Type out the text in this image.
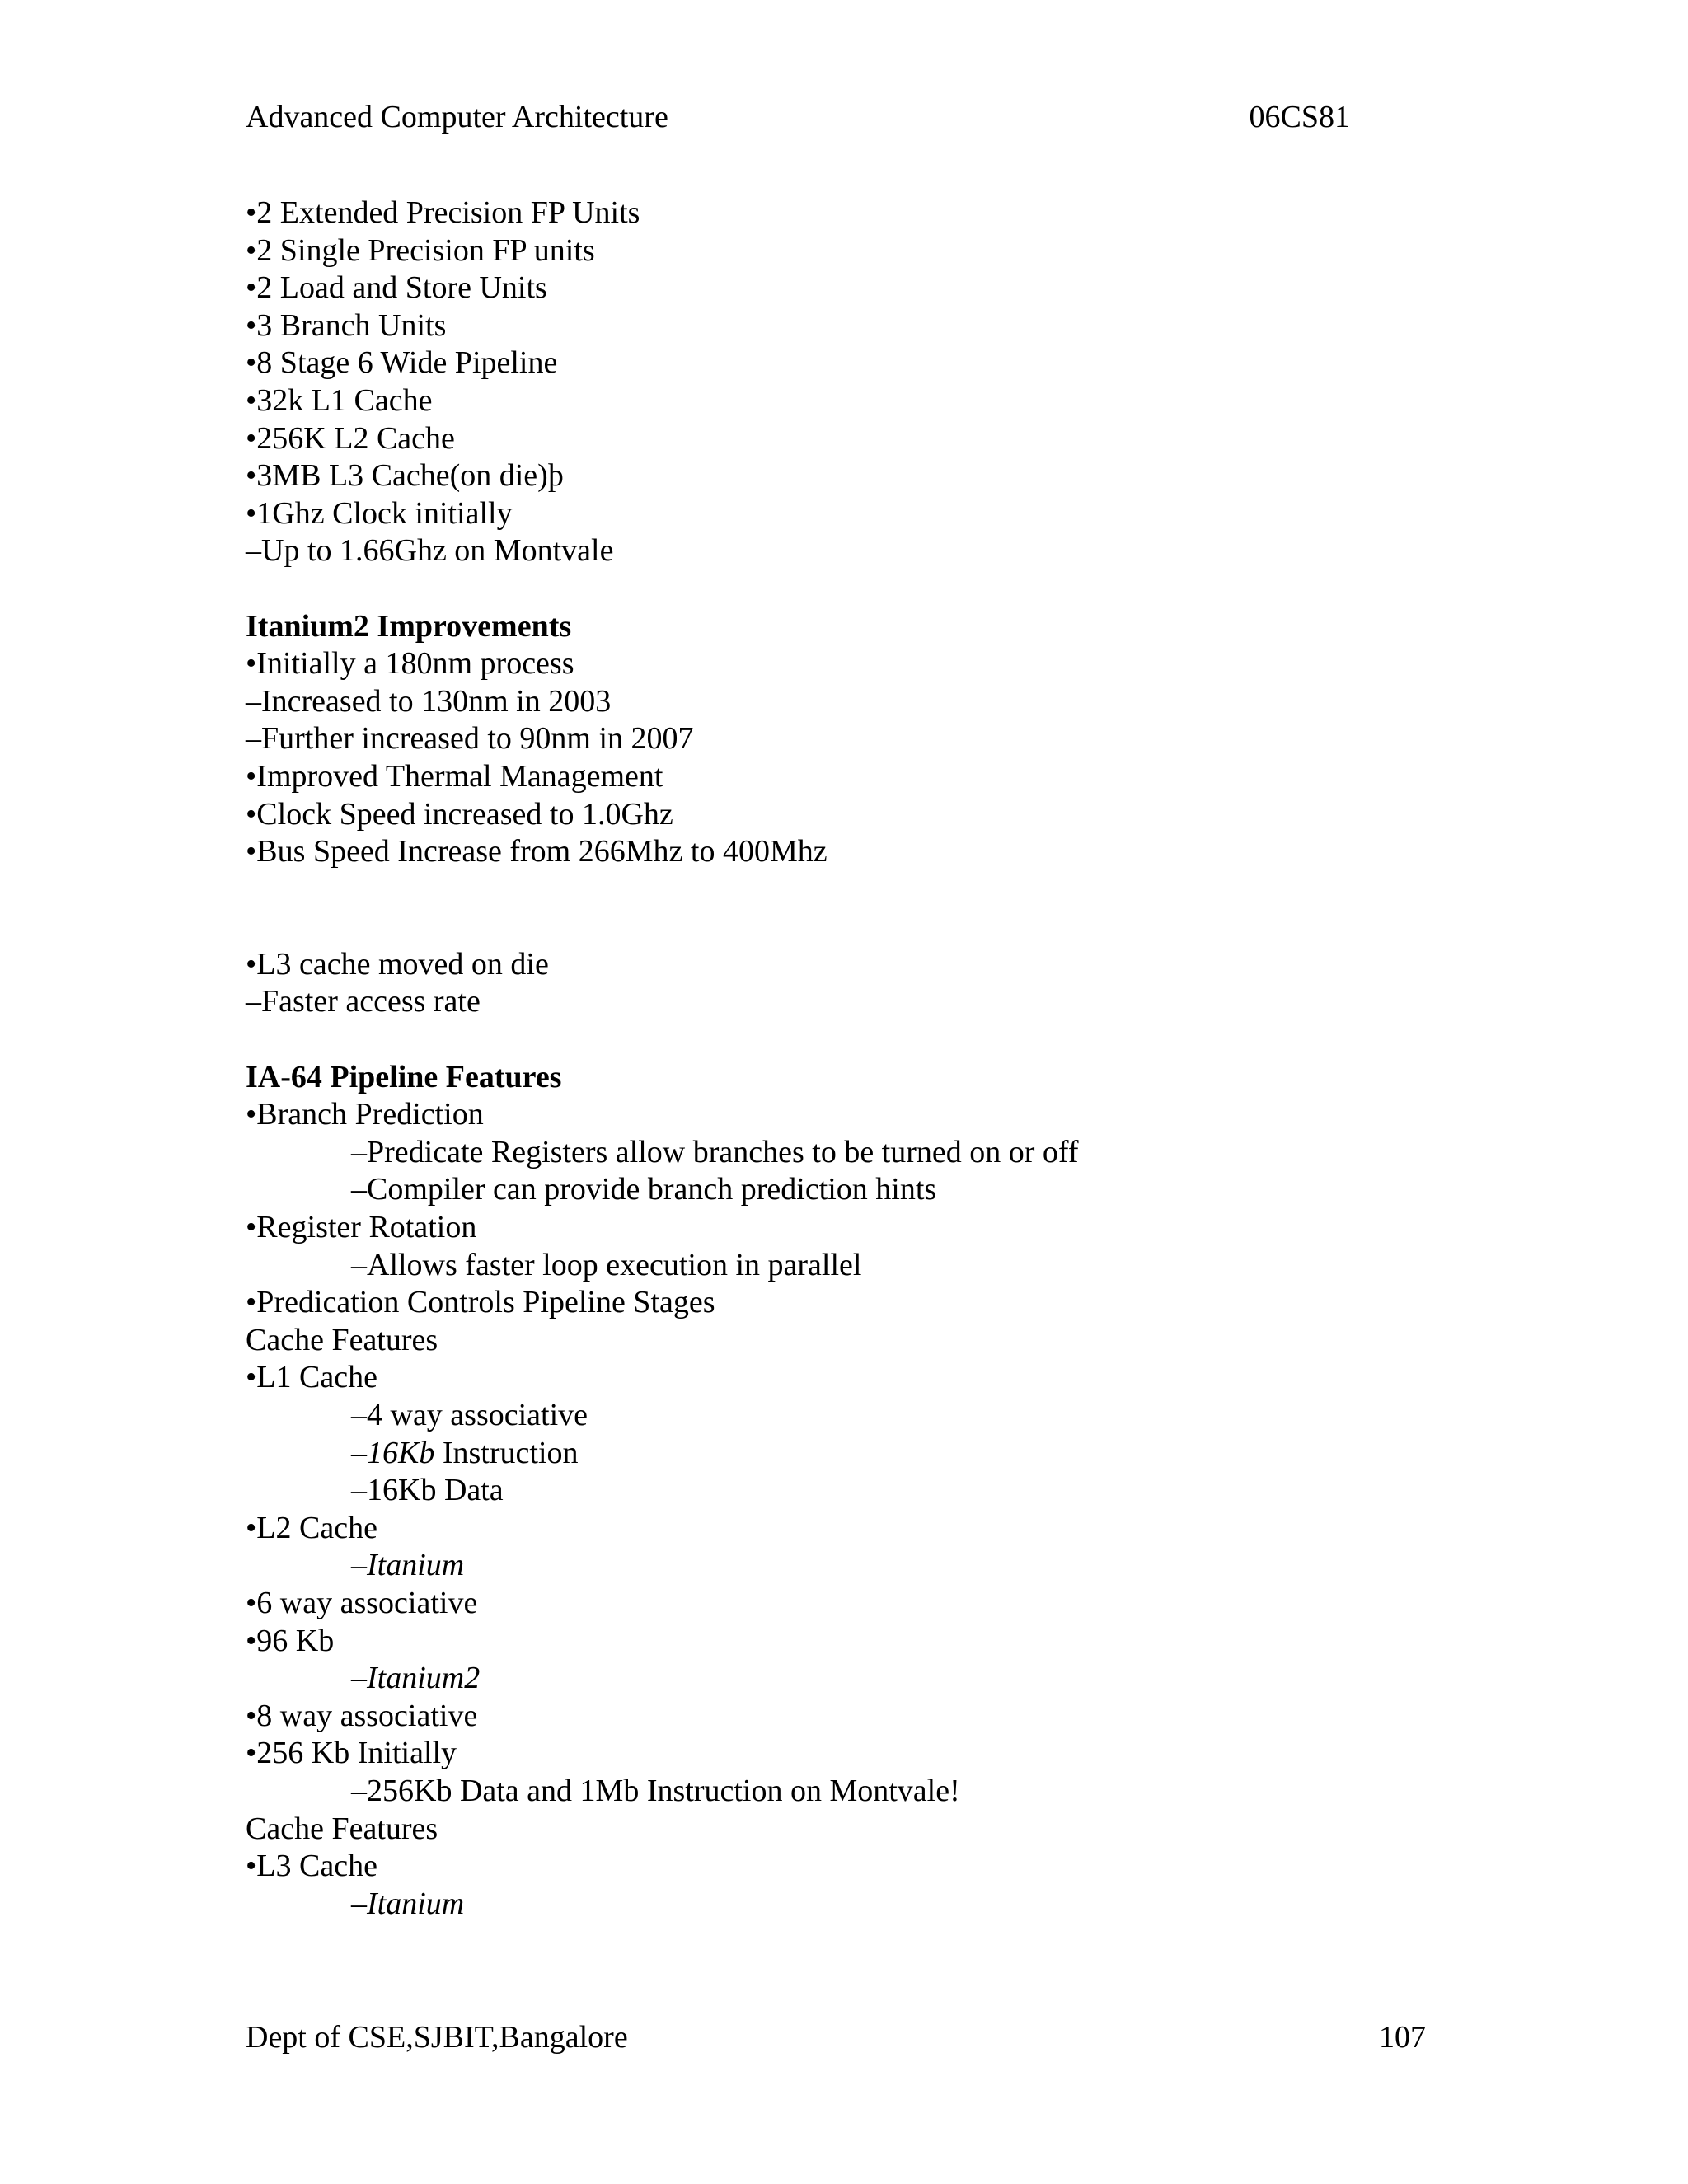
Advanced Computer Architecture	06CS81
•2 Extended Precision FP Units
•2 Single Precision FP units
•2 Load and Store Units
•3 Branch Units
•8 Stage 6 Wide Pipeline
•32k L1 Cache
•256K L2 Cache
•3MB L3 Cache(on die)þ
•1Ghz Clock initially
–Up to 1.66Ghz on Montvale
Itanium2 Improvements
•Initially a 180nm process
–Increased to 130nm in 2003
–Further increased to 90nm in 2007
•Improved Thermal Management
•Clock Speed increased to 1.0Ghz
•Bus Speed Increase from 266Mhz to 400Mhz
•L3 cache moved on die
–Faster access rate
IA-64 Pipeline Features
•Branch Prediction
–Predicate Registers allow branches to be turned on or off
–Compiler can provide branch prediction hints
•Register Rotation
–Allows faster loop execution in parallel
•Predication Controls Pipeline Stages
Cache Features
•L1 Cache
–4 way associative
–16Kb Instruction
–16Kb Data
•L2 Cache
–Itanium
•6 way associative
•96 Kb
–Itanium2
•8 way associative
•256 Kb Initially
–256Kb Data and 1Mb Instruction on Montvale!
Cache Features
•L3 Cache
–Itanium
Dept of CSE,SJBIT,Bangalore	107
